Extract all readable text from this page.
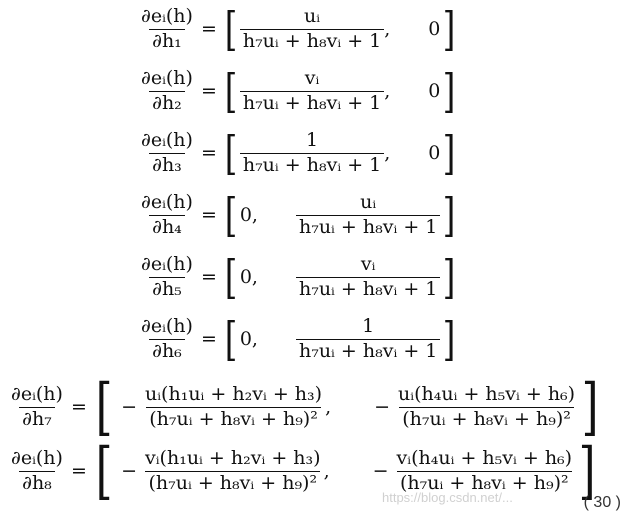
$\frac{\text{∂eᵢ(h)}}{\text{∂h₁}}$ = [ $\frac{\text{uᵢ}}{\text{h₇uᵢ + h₈vᵢ + 1}}$ , 0 ]
$\frac{\text{∂eᵢ(h)}}{\text{∂h₂}}$ = [ $\frac{\text{vᵢ}}{\text{h₇uᵢ + h₈vᵢ + 1}}$ , 0 ]
$\frac{\text{∂eᵢ(h)}}{\text{∂h₃}}$ = [ $\frac{1}{\text{h₇uᵢ + h₈vᵢ + 1}}$ , 0 ]
$\frac{\text{∂eᵢ(h)}}{\text{∂h₄}}$ = [ 0, $\frac{\text{uᵢ}}{\text{h₇uᵢ + h₈vᵢ + 1}}$ ]
$\frac{\text{∂eᵢ(h)}}{\text{∂h₅}}$ = [ 0, $\frac{\text{vᵢ}}{\text{h₇uᵢ + h₈vᵢ + 1}}$ ]
$\frac{\text{∂eᵢ(h)}}{\text{∂h₆}}$ = [ 0, $\frac{1}{\text{h₇uᵢ + h₈vᵢ + 1}}$ ]
$\frac{\text{∂eᵢ(h)}}{\text{∂h₇}}$ = [ − $\frac{\text{uᵢ(h₁uᵢ + h₂vᵢ + h₃)}}{\text{(h₇uᵢ + h₈vᵢ + h₉)²}}$ , − $\frac{\text{uᵢ(h₄uᵢ + h₅vᵢ + h₆)}}{\text{(h₇uᵢ + h₈vᵢ + h₉)²}}$ ]
$\frac{\text{∂eᵢ(h)}}{\text{∂h₈}}$ = [ − $\frac{\text{vᵢ(h₁uᵢ + h₂vᵢ + h₃)}}{\text{(h₇uᵢ + h₈vᵢ + h₉)²}}$ , − $\frac{\text{vᵢ(h₄uᵢ + h₅vᵢ + h₆)}}{\text{(h₇uᵢ + h₈vᵢ + h₉)²}}$ ]
https://blog.csdn.net/...	( 30 )
